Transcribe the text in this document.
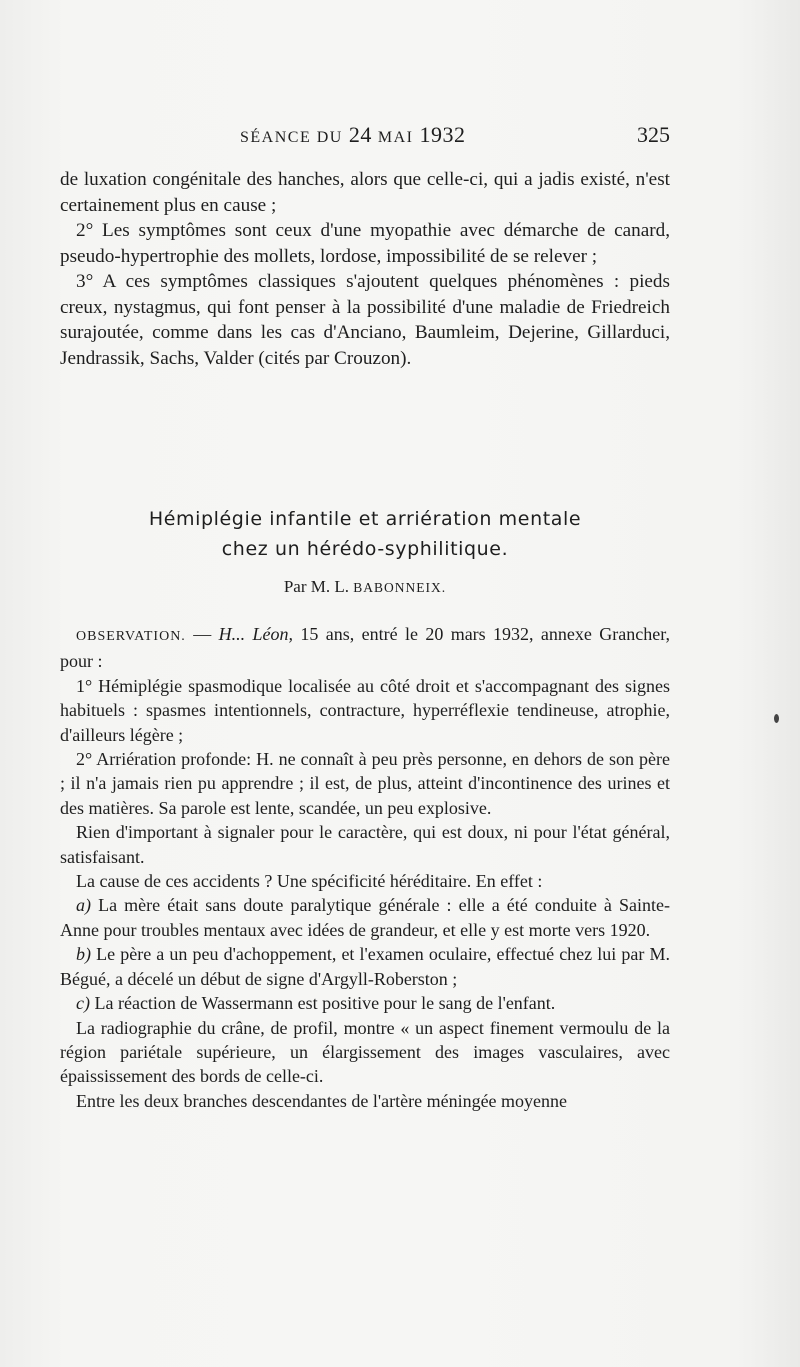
SÉANCE DU 24 MAI 1932	325

de luxation congénitale des hanches, alors que celle-ci, qui a jadis existé, n'est certainement plus en cause ;

2° Les symptômes sont ceux d'une myopathie avec démarche de canard, pseudo-hypertrophie des mollets, lordose, impossibilité de se relever ;

3° A ces symptômes classiques s'ajoutent quelques phénomènes : pieds creux, nystagmus, qui font penser à la possibilité d'une maladie de Friedreich surajoutée, comme dans les cas d'Anciano, Baumleim, Dejerine, Gillarduci, Jendrassik, Sachs, Valder (cités par Crouzon).

Hémiplégie infantile et arriération mentale
chez un hérédo-syphilitique.
Par M. L. BABONNEIX.

OBSERVATION. — H... Léon, 15 ans, entré le 20 mars 1932, annexe Grancher, pour :

1° Hémiplégie spasmodique localisée au côté droit et s'accompagnant des signes habituels : spasmes intentionnels, contracture, hyperréflexie tendineuse, atrophie, d'ailleurs légère ;

2° Arriération profonde: H. ne connaît à peu près personne, en dehors de son père ; il n'a jamais rien pu apprendre ; il est, de plus, atteint d'incontinence des urines et des matières. Sa parole est lente, scandée, un peu explosive.

Rien d'important à signaler pour le caractère, qui est doux, ni pour l'état général, satisfaisant.

La cause de ces accidents ? Une spécificité héréditaire. En effet :

a) La mère était sans doute paralytique générale : elle a été conduite à Sainte-Anne pour troubles mentaux avec idées de grandeur, et elle y est morte vers 1920.

b) Le père a un peu d'achoppement, et l'examen oculaire, effectué chez lui par M. Bégué, a décelé un début de signe d'Argyll-Roberston ;

c) La réaction de Wassermann est positive pour le sang de l'enfant.

La radiographie du crâne, de profil, montre « un aspect finement vermoulu de la région pariétale supérieure, un élargissement des images vasculaires, avec épaississement des bords de celle-ci.

Entre les deux branches descendantes de l'artère méningée moyenne
